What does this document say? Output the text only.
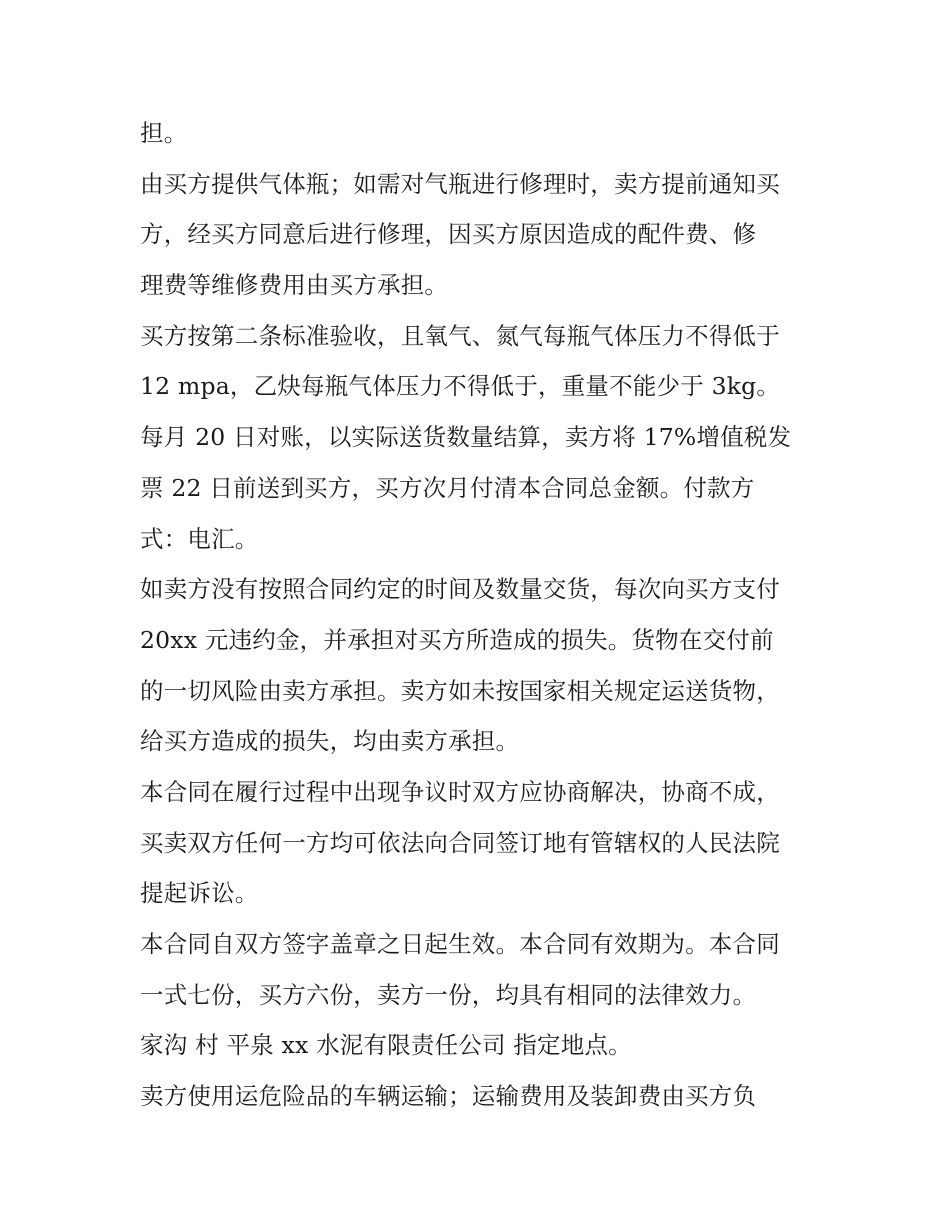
担。
由买方提供气体瓶；如需对气瓶进行修理时，卖方提前通知买
方，经买方同意后进行修理，因买方原因造成的配件费、修
理费等维修费用由买方承担。
买方按第二条标准验收，且氧气、氮气每瓶气体压力不得低于
12 mpa，乙炔每瓶气体压力不得低于，重量不能少于 3kg。
每月 20 日对账，以实际送货数量结算，卖方将 17%增值税发
票 22 日前送到买方，买方次月付清本合同总金额。付款方
式：电汇。
如卖方没有按照合同约定的时间及数量交货，每次向买方支付
20xx 元违约金，并承担对买方所造成的损失。货物在交付前
的一切风险由卖方承担。卖方如未按国家相关规定运送货物，
给买方造成的损失，均由卖方承担。
本合同在履行过程中出现争议时双方应协商解决，协商不成，
买卖双方任何一方均可依法向合同签订地有管辖权的人民法院
提起诉讼。
本合同自双方签字盖章之日起生效。本合同有效期为。本合同
一式七份，买方六份，卖方一份，均具有相同的法律效力。
家沟 村 平泉 xx 水泥有限责任公司 指定地点。
卖方使用运危险品的车辆运输；运输费用及装卸费由买方负
